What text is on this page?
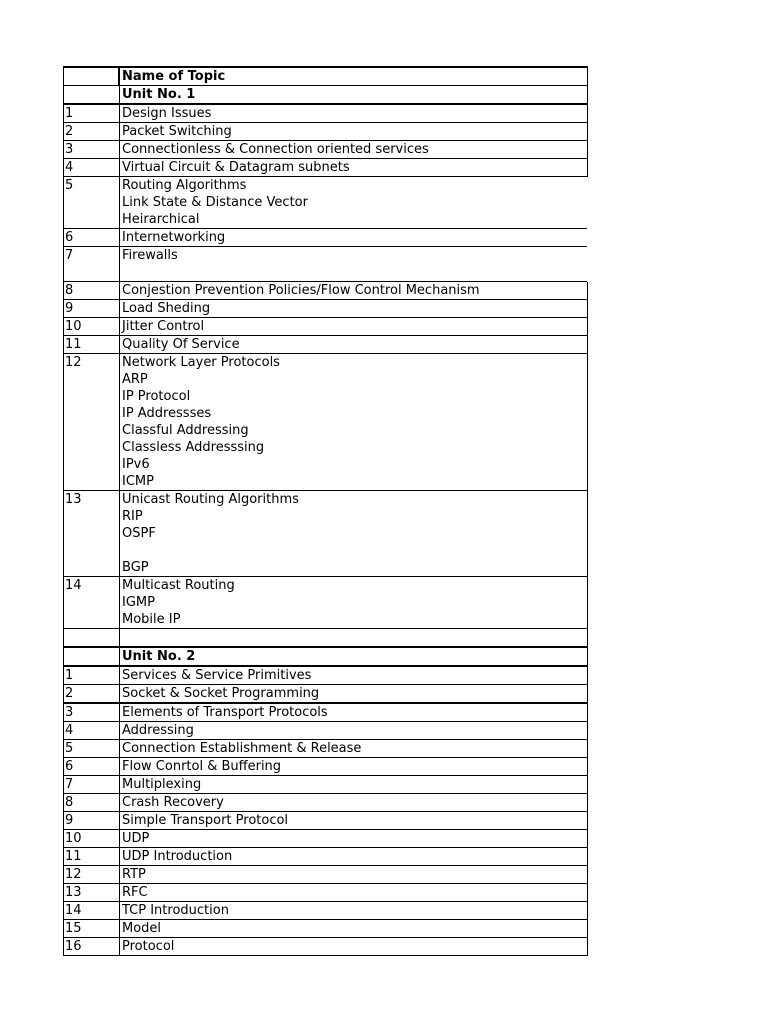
Name of Topic
Unit No. 1
1	Design Issues
2	Packet Switching
3	Connectionless & Connection oriented services
4	Virtual Circuit & Datagram subnets
5	Routing Algorithms
Link State & Distance Vector
Heirarchical
6	Internetworking
7	Firewalls
8	Conjestion Prevention Policies/Flow Control Mechanism
9	Load Sheding
10	Jitter Control
11	Quality Of Service
12	Network Layer Protocols
ARP
IP Protocol
IP Addressses
Classful Addressing
Classless Addresssing
IPv6
ICMP
13	Unicast Routing Algorithms
RIP
OSPF
BGP
14	Multicast Routing
IGMP
Mobile IP
Unit No. 2
1	Services & Service Primitives
2	Socket & Socket Programming
3	Elements of Transport Protocols
4	Addressing
5	Connection Establishment & Release
6	Flow Conrtol & Buffering
7	Multiplexing
8	Crash Recovery
9	Simple Transport Protocol
10	UDP
11	UDP Introduction
12	RTP
13	RFC
14	TCP Introduction
15	Model
16	Protocol
